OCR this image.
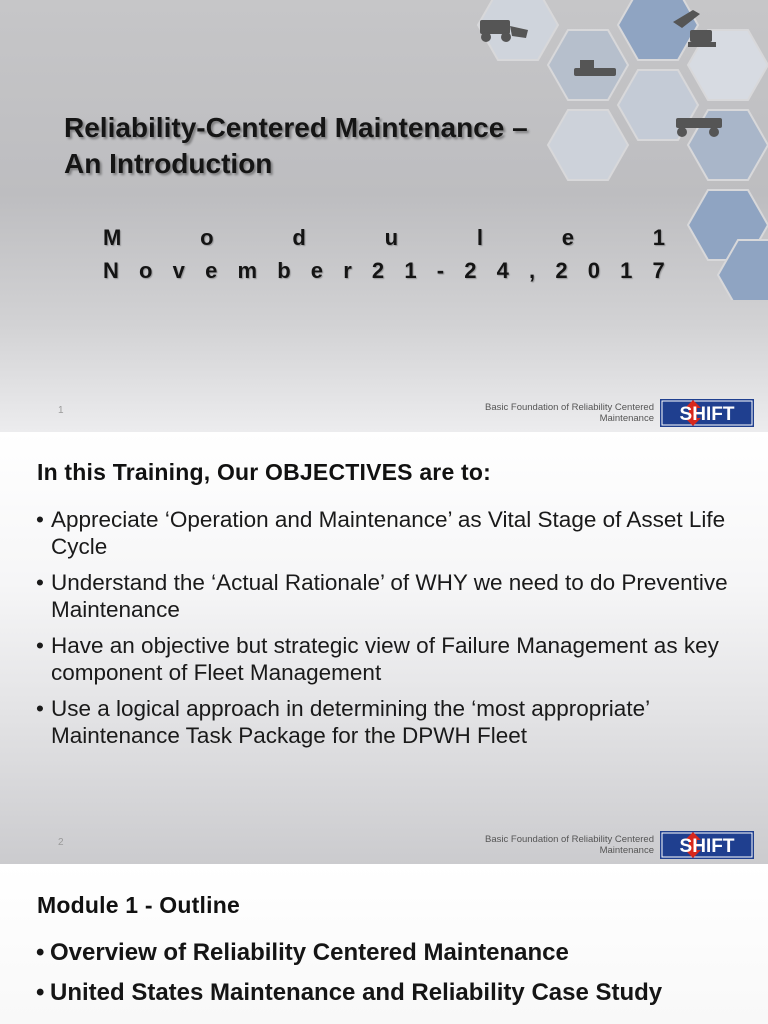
Reliability-Centered Maintenance –
An Introduction
M	o	d	u	l	e	1
N o v e m b e r 2 1 - 2 4 , 2 0 1 7
1	Basic Foundation of Reliability Centered
Maintenance SHIFT
In this Training, Our OBJECTIVES are to:
• Appreciate ‘Operation and Maintenance’ as Vital Stage of Asset Life Cycle
• Understand the ‘Actual Rationale’ of WHY we need to do Preventive Maintenance
• Have an objective but strategic view of Failure Management as key component of Fleet Management
• Use a logical approach in determining the ‘most appropriate’ Maintenance Task Package for the DPWH Fleet
2	Basic Foundation of Reliability Centered
Maintenance SHIFT
Module 1 - Outline
• Overview of Reliability Centered Maintenance
• United States Maintenance and Reliability Case Study
